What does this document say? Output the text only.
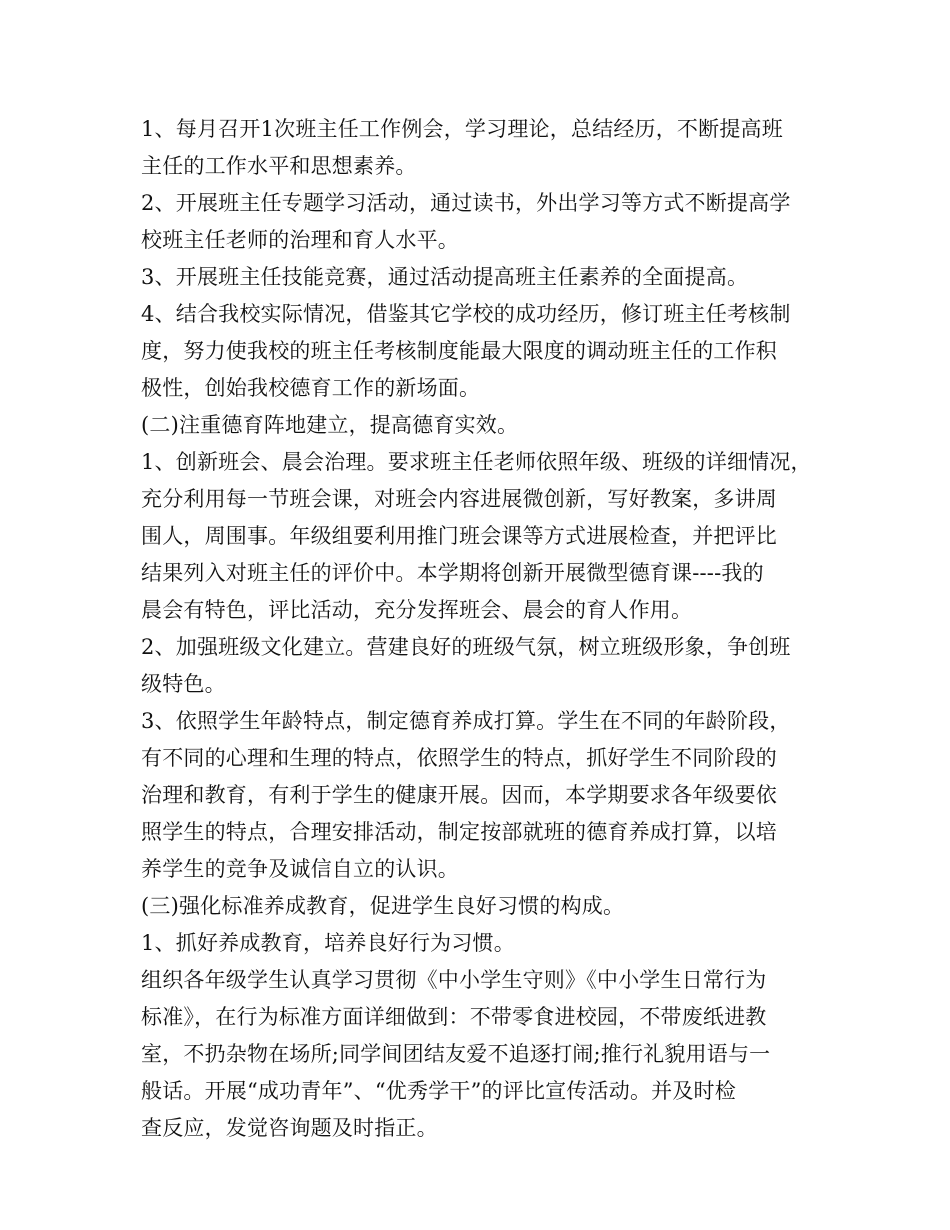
1、每月召开1次班主任工作例会，学习理论，总结经历，不断提高班
主任的工作水平和思想素养。
2、开展班主任专题学习活动，通过读书，外出学习等方式不断提高学
校班主任老师的治理和育人水平。
3、开展班主任技能竞赛，通过活动提高班主任素养的全面提高。
4、结合我校实际情况，借鉴其它学校的成功经历，修订班主任考核制
度，努力使我校的班主任考核制度能最大限度的调动班主任的工作积
极性，创始我校德育工作的新场面。
(二)注重德育阵地建立，提高德育实效。
1、创新班会、晨会治理。要求班主任老师依照年级、班级的详细情况，
充分利用每一节班会课，对班会内容进展微创新，写好教案，多讲周
围人，周围事。年级组要利用推门班会课等方式进展检查，并把评比
结果列入对班主任的评价中。本学期将创新开展微型德育课----我的
晨会有特色，评比活动，充分发挥班会、晨会的育人作用。
2、加强班级文化建立。营建良好的班级气氛，树立班级形象，争创班
级特色。
3、依照学生年龄特点，制定德育养成打算。学生在不同的年龄阶段，
有不同的心理和生理的特点，依照学生的特点，抓好学生不同阶段的
治理和教育，有利于学生的健康开展。因而，本学期要求各年级要依
照学生的特点，合理安排活动，制定按部就班的德育养成打算，以培
养学生的竞争及诚信自立的认识。
(三)强化标准养成教育，促进学生良好习惯的构成。
1、抓好养成教育，培养良好行为习惯。
组织各年级学生认真学习贯彻《中小学生守则》《中小学生日常行为
标准》，在行为标准方面详细做到：不带零食进校园，不带废纸进教
室，不扔杂物在场所;同学间团结友爱不追逐打闹;推行礼貌用语与一
般话。开展“成功青年”、“优秀学干”的评比宣传活动。并及时检
查反应，发觉咨询题及时指正。
